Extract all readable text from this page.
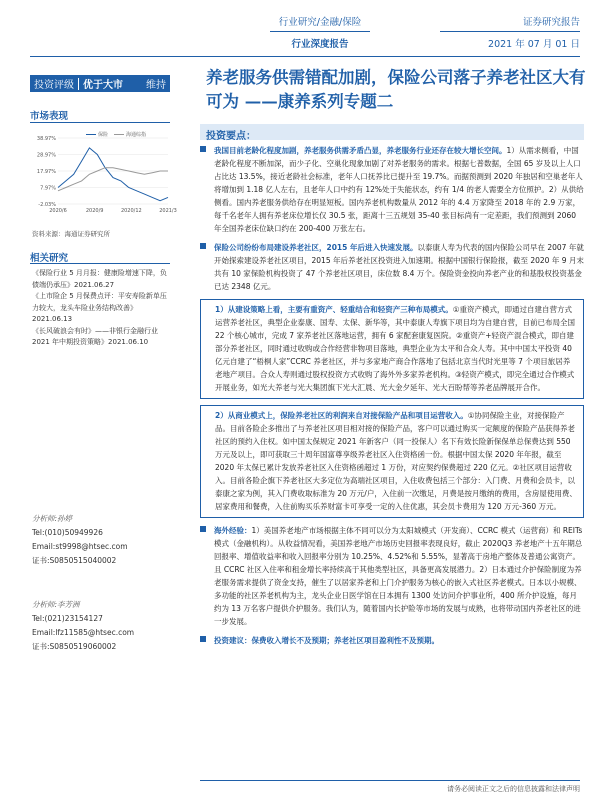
行业研究/金融/保险
行业深度报告
证券研究报告
2021 年 07 月 01 日
投资评级 优于大市	维持
市场表现
保险	海通综指
38.97%
28.97%
17.97%
7.97%
-2.03%
2020/6	2020/9	2020/12	2021/3
资料来源：海通证券研究所
相关研究

《保险行业 5 月月报：健康险增速下降，负债端仍承压》2021.06.27

《上市险企 5 月保费点评：平安寿险新单压力较大，龙头车险业务结构改善》2021.06.13

《长风破浪会有时》——非银行金融行业 2021 年中期投资策略》2021.06.10

分析师:孙婷
Tel:(010)50949926
Email:st9998@htsec.com
证书:S0850515040002
分析师:李芳洲
Tel:(021)23154127
Email:lfz11585@htsec.com
证书:S0850519060002
养老服务供需错配加剧，保险公司落子养老社区大有可为 ——康养系列专题二
投资要点：
我国目前老龄化程度加剧，养老服务供需矛盾凸显，养老服务行业还存在较大增长空间。1）从需求侧看，中国老龄化程度不断加深，而少子化、空巢化现象加剧了对养老服务的需求。根据七普数据，全国 65 岁及以上人口占比达 13.5%，接近老龄社会标准，老年人口抚养比已提升至 19.7%。而据预测到 2020 年独居和空巢老年人将增加到 1.18 亿人左右，且老年人口中约有 12%处于失能状态，约有 1/4 的老人需要全方位照护。2）从供给侧看。国内养老服务供给存在明显短板。国内养老机构数量从 2012 年的 4.4 万家降至 2018 年的 2.9 万家，每千名老年人拥有养老床位增长仅 30.5 张，距离十三五规划 35-40 张目标尚有一定差距，我们预测到 2060 年全国养老床位缺口约在 200-400 万张左右。
保险公司纷纷布局建设养老社区，2015 年后进入快速发展。以泰康人寿为代表的国内保险公司早在 2007 年就开始探索建设养老社区项目，2015 年后养老社区投资进入加速期。根据中国银行保险报，截至 2020 年 9 月末共有 10 家保险机构投资了 47 个养老社区项目，床位数 8.4 万个。保险资金投向养老产业的和基股权投资基金已达 2348 亿元。
1）从建设策略上看，主要有重资产、轻重结合和轻资产三种布局模式。①重资产模式，即通过自建自营方式运营养老社区，典型企业泰康、国寿、太保、新华等，其中泰康人寿旗下项目均为自建自营，目前已布局全国 22 个核心城市，完成 7 家养老社区落地运营，拥有 6 家配套康复医院。②重资产+轻资产混合模式，即自建部分养老社区，同时通过收购或合作经营非物项目落地，典型企业为太平和合众人寿。其中中国太平投资 40 亿元自建了“梧桐人家”CCRC 养老社区，并与多家地产商合作落地了包括北京当代时光里等 7 个项目旅居养老地产项目。合众人寿则通过股权投资方式收购了海外外多家养老机构。③轻资产模式，即完全通过合作模式开展业务，如光大养老与光大集团旗下光大汇晨、光大金夕延年、光大百盼帮等养老品牌展开合作。
2）从商业模式上，保险养老社区的利润来自对接保险产品和项目运营收入。①协同保险主业，对接保险产品。目前各险企多推出了与养老社区项目相对接的保险产品，客户可以通过购买一定额度的保险产品获得养老社区的预约入住权。如中国太保规定 2021 年新客户（同一投保人）名下有效长险新保保单总保费达到 550 万元及以上，即可获取三十周年国富尊享级养老社区入住资格函一份。根据中国太保 2020 年年报，截至 2020 年太保已累计发放养老社区入住资格函超过 1 万份，对应契约保费超过 220 亿元。②社区项目运营收入。目前各险企旗下养老社区大多定位为高端社区项目，入住收费包括三个部分：入门费、月费和会员卡，以泰康之家为例，其入门费收取标准为 20 万元/户，入住前一次缴足，月费是按月缴纳的费用，含房屋使用费、居家费用和餐费，入住前购买乐养财富卡可享受一定的入住优惠，其会员卡费用为 120 万元-360 万元。
海外经验：1）美国养老地产市场根据主体不同可以分为太阳城模式（开发商）、CCRC 模式（运营商）和 REITs 模式（金融机构）。从收益情况看，美国养老地产市场历史回报率表现良好，截止 2020Q3 养老地产十五年期总回报率、增值收益率和收入回报率分别为 10.25%、4.52%和 5.55%，显著高于房地产整体及普通公寓资产。且 CCRC 社区入住率和租金增长率持续高于其他类型社区，具备更高发展潜力。2）日本通过介护保险制度为养老服务需求提供了资金支持，催生了以居家养老和上门介护服务为核心的嵌入式社区养老模式。日本以小规模、多功能的社区养老机构为主，龙头企业日医学馆在日本拥有 1300 处访问介护事业所，400 所介护设施，每月约为 13 万名客户提供介护服务。我们认为，随着国内长护险等市场的发展与成熟，也将带动国内养老社区的进一步发展。
投资建议：保费收入增长不及预期；养老社区项目盈利性不及预期。
请务必阅读正文之后的信息披露和法律声明
